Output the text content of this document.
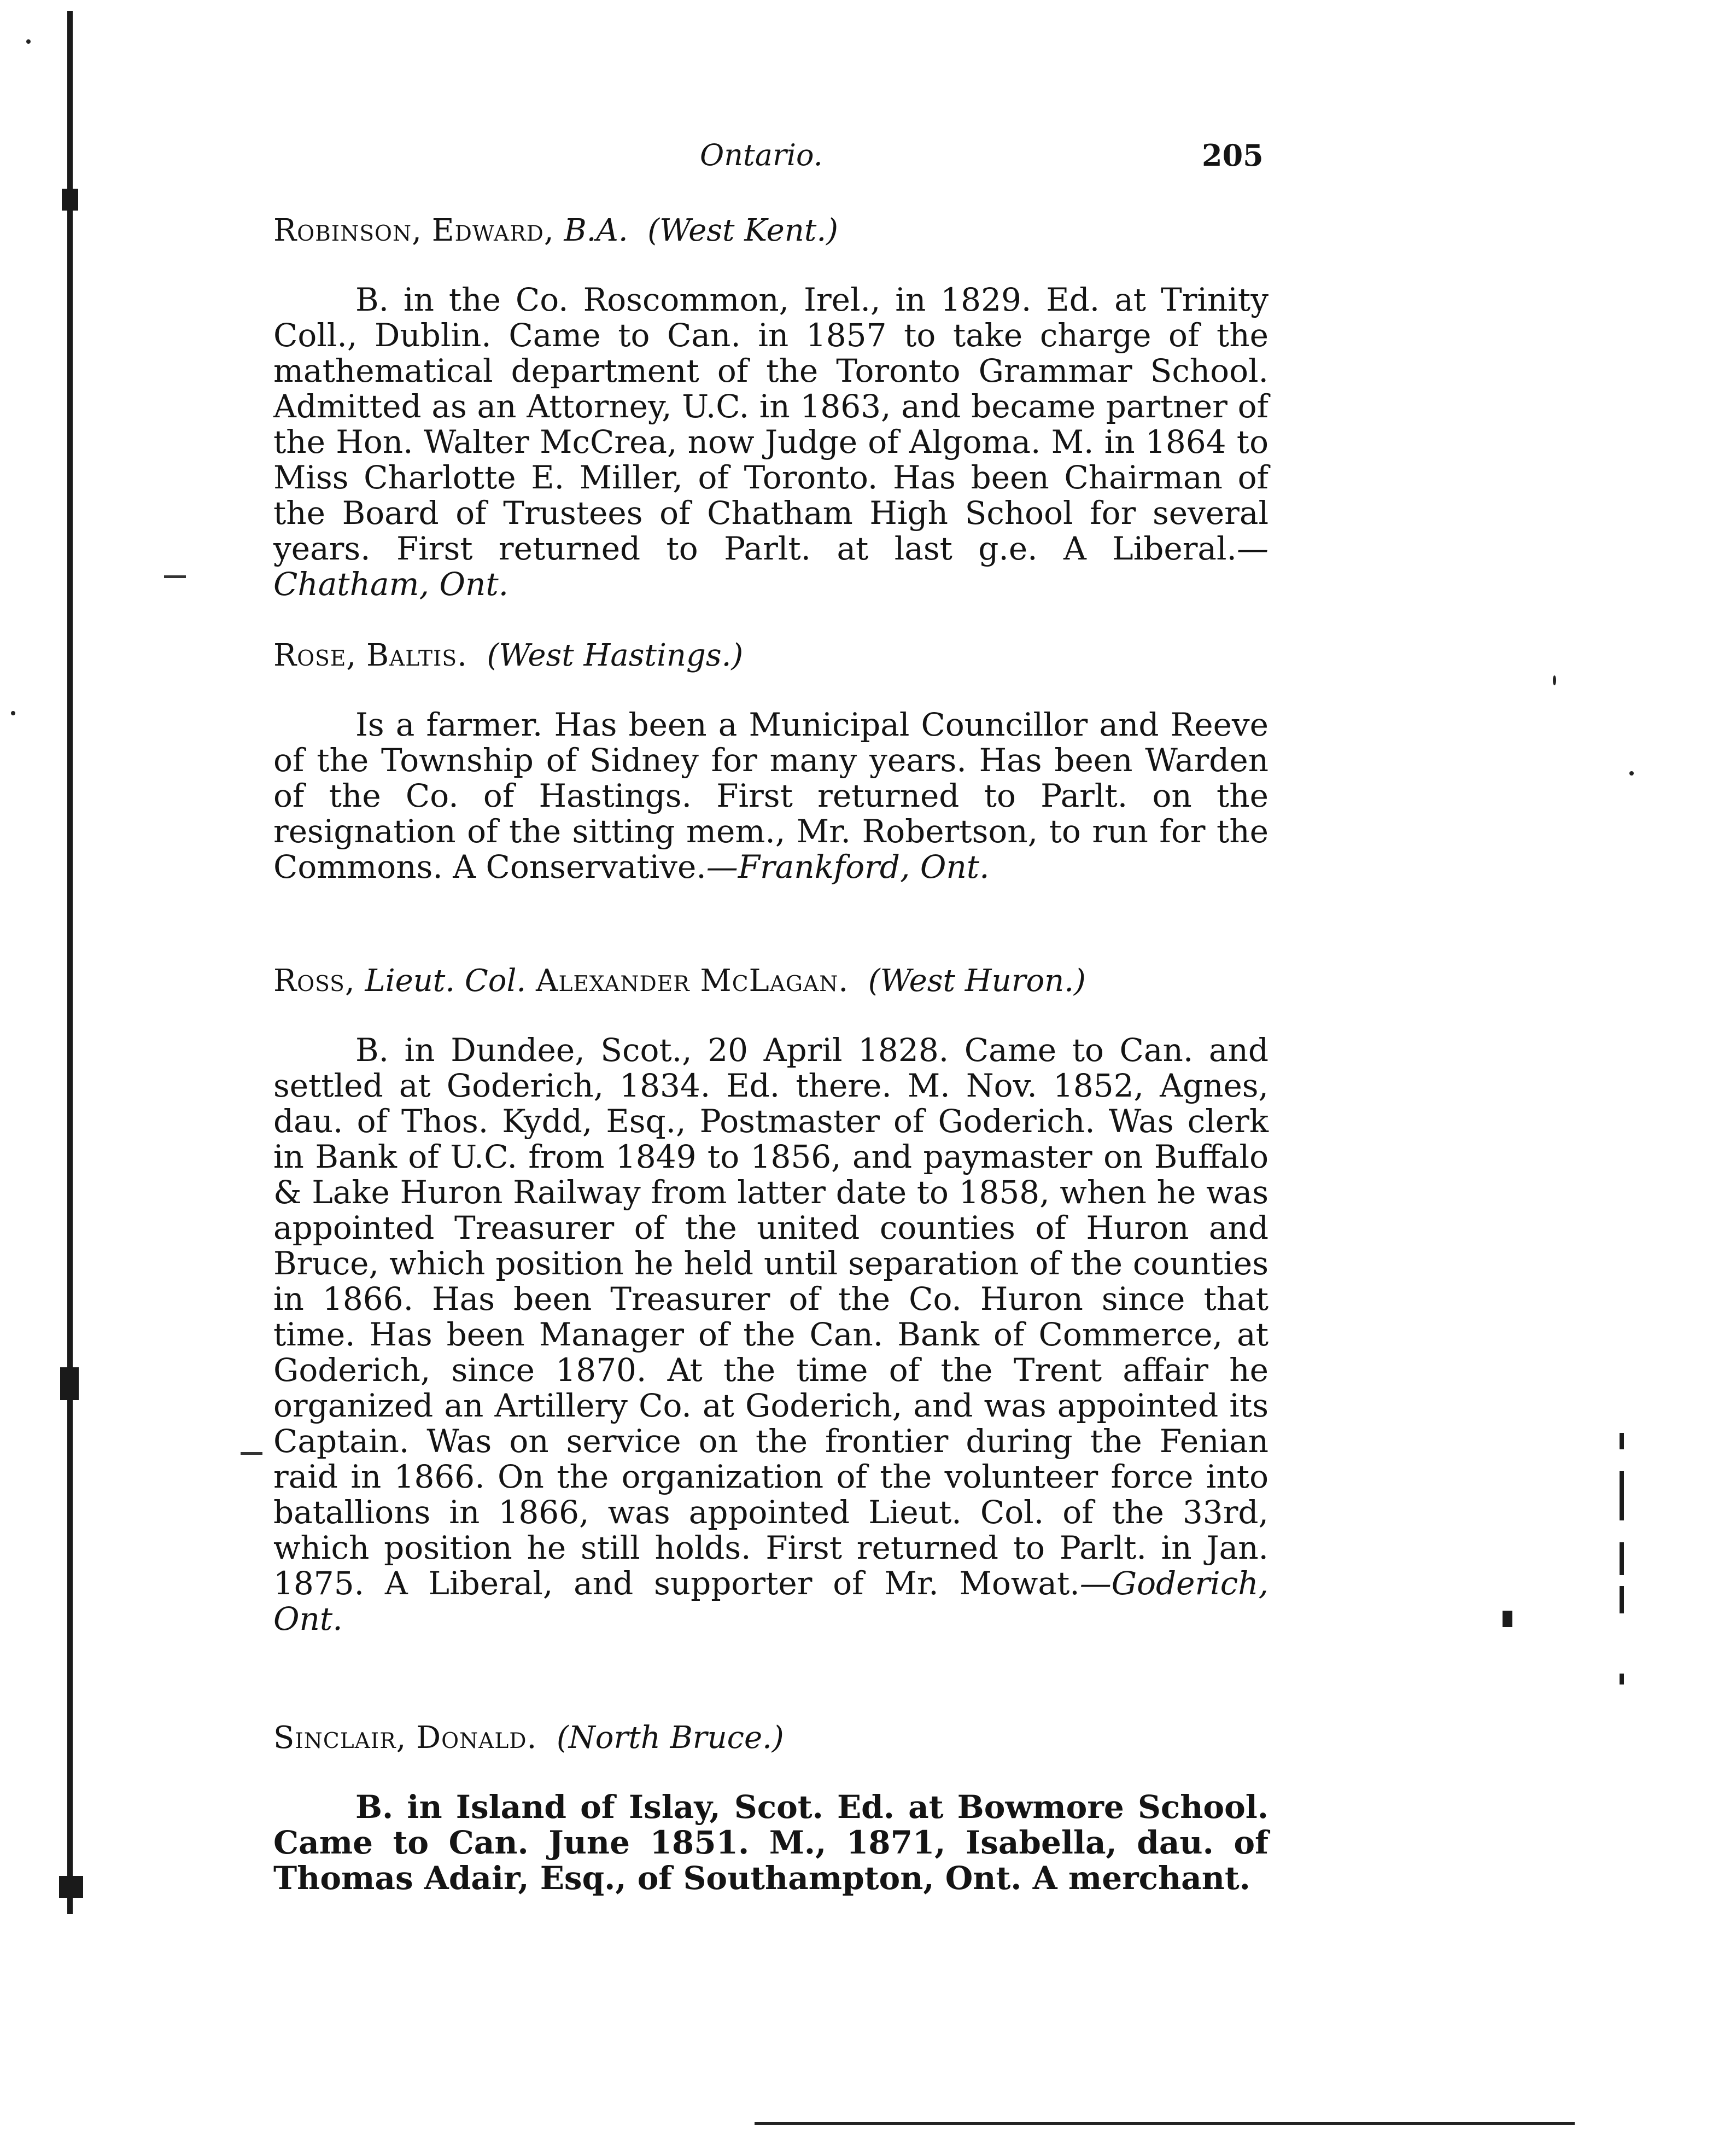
Ontario.	205
Robinson, Edward, B.A. (West Kent.)
B. in the Co. Roscommon, Irel., in 1829. Ed. at Trinity Coll., Dublin. Came to Can. in 1857 to take charge of the mathematical department of the Toronto Grammar School. Admitted as an Attorney, U.C. in 1863, and became partner of the Hon. Walter McCrea, now Judge of Algoma. M. in 1864 to Miss Charlotte E. Miller, of Toronto. Has been Chairman of the Board of Trustees of Chatham High School for several years. First returned to Parlt. at last g.e. A Liberal.—Chatham, Ont.
Rose, Baltis. (West Hastings.)
Is a farmer. Has been a Municipal Councillor and Reeve of the Township of Sidney for many years. Has been Warden of the Co. of Hastings. First returned to Parlt. on the resignation of the sitting mem., Mr. Robertson, to run for the Commons. A Conservative.—Frankford, Ont.
Ross, Lieut. Col. Alexander McLagan. (West Huron.)
B. in Dundee, Scot., 20 April 1828. Came to Can. and settled at Goderich, 1834. Ed. there. M. Nov. 1852, Agnes, dau. of Thos. Kydd, Esq., Postmaster of Goderich. Was clerk in Bank of U.C. from 1849 to 1856, and paymaster on Buffalo & Lake Huron Railway from latter date to 1858, when he was appointed Treasurer of the united counties of Huron and Bruce, which position he held until separation of the counties in 1866. Has been Treasurer of the Co. Huron since that time. Has been Manager of the Can. Bank of Commerce, at Goderich, since 1870. At the time of the Trent affair he organized an Artillery Co. at Goderich, and was appointed its Captain. Was on service on the frontier during the Fenian raid in 1866. On the organization of the volunteer force into batallions in 1866, was appointed Lieut. Col. of the 33rd, which position he still holds. First returned to Parlt. in Jan. 1875. A Liberal, and supporter of Mr. Mowat.—Goderich, Ont.
Sinclair, Donald. (North Bruce.)
B. in Island of Islay, Scot. Ed. at Bowmore School. Came to Can. June 1851. M., 1871, Isabella, dau. of Thomas Adair, Esq., of Southampton, Ont. A merchant.
